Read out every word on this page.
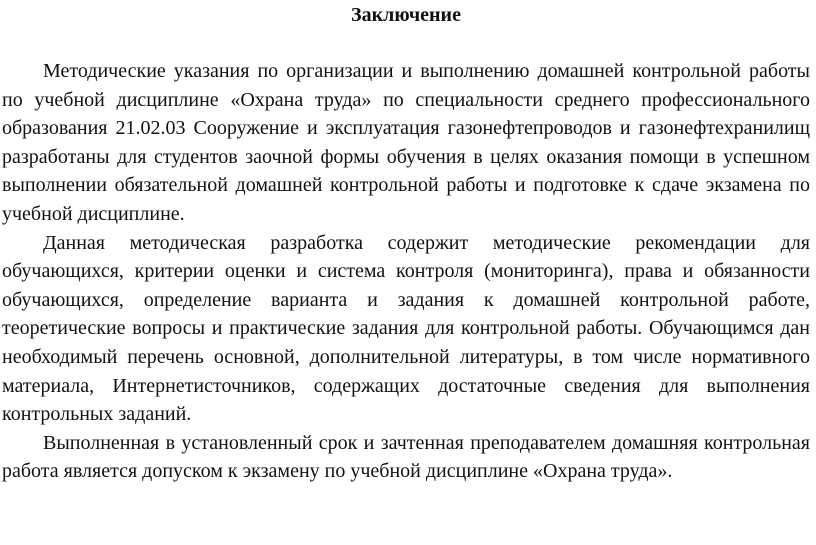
Заключение

Методические указания по организации и выполнению домашней контрольной работы по учебной дисциплине «Охрана труда» по специальности среднего профессионального образования 21.02.03 Сооружение и эксплуатация газонефтепроводов и газонефтехранилищ разработаны для студентов заочной формы обучения в целях оказания помощи в успешном выполнении обязательной домашней контрольной работы и подготовке к сдаче экзамена по учебной дисциплине.

Данная методическая разработка содержит методические рекомендации для обучающихся, критерии оценки и система контроля (мониторинга), права и обязанности обучающихся, определение варианта и задания к домашней контрольной работе, теоретические вопросы и практические задания для контрольной работы. Обучающимся дан необходимый перечень основной, дополнительной литературы, в том числе нормативного материала, Интернетисточников, содержащих достаточные сведения для выполнения контрольных заданий.

Выполненная в установленный срок и зачтенная преподавателем домашняя контрольная работа является допуском к экзамену по учебной дисциплине «Охрана труда».
